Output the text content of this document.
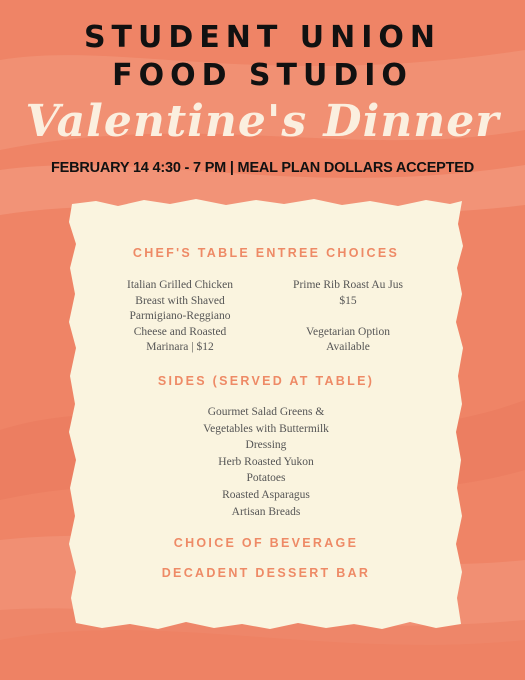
STUDENT UNION
FOOD STUDIO
Valentine's Dinner
FEBRUARY 14 4:30 - 7 PM | MEAL PLAN DOLLARS ACCEPTED
CHEF'S TABLE ENTREE CHOICES
Italian Grilled Chicken
Breast with Shaved
Parmigiano-Reggiano
Cheese and Roasted
Marinara | $12
Prime Rib Roast Au Jus
$15
Vegetarian Option
Available
SIDES (SERVED AT TABLE)
Gourmet Salad Greens &
Vegetables with Buttermilk
Dressing
Herb Roasted Yukon
Potatoes
Roasted Asparagus
Artisan Breads
CHOICE OF BEVERAGE
DECADENT DESSERT BAR
